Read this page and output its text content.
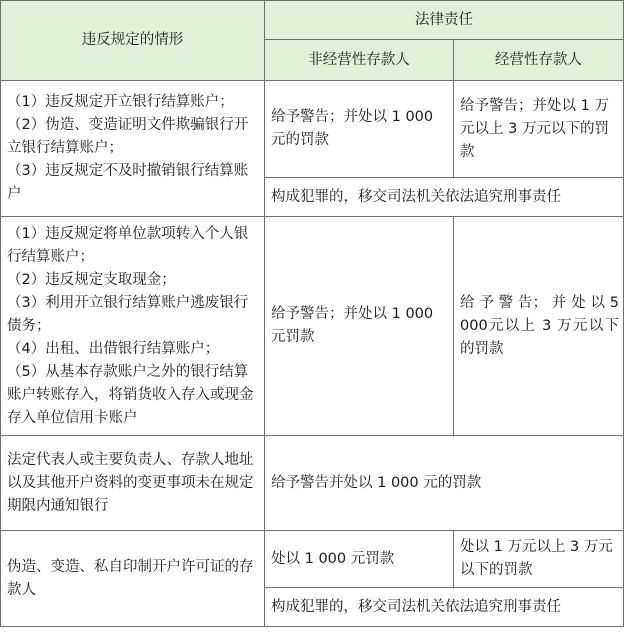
违反规定的情形	法律责任	
	非经营性存款人	经营性存款人

（1）违反规定开立银行结算账户；
（2）伪造、变造证明文件欺骗银行开立银行结算账户；
（3）违反规定不及时撤销银行结算账户	给予警告；并处以 1 000 元的罚款	给予警告；并处以 1 万元以上 3 万元以下的罚款
	构成犯罪的，移交司法机关依法追究刑事责任	

（1）违反规定将单位款项转入个人银行结算账户；
（2）违反规定支取现金；
（3）利用开立银行结算账户逃废银行债务；
（4）出租、出借银行结算账户；
（5）从基本存款账户之外的银行结算账户转账存入，将销货收入存入或现金存入单位信用卡账户	给予警告；并处以 1 000 元罚款	给 予 警 告； 并 处 以 5 000元以上 3 万元以下的罚款
法定代表人或主要负责人、存款人地址以及其他开户资料的变更事项未在规定期限内通知银行	给予警告并处以 1 000 元的罚款	
伪造、变造、私自印制开户许可证的存款人	处以 1 000 元罚款	处以 1 万元以上 3 万元以下的罚款
	构成犯罪的，移交司法机关依法追究刑事责任	
